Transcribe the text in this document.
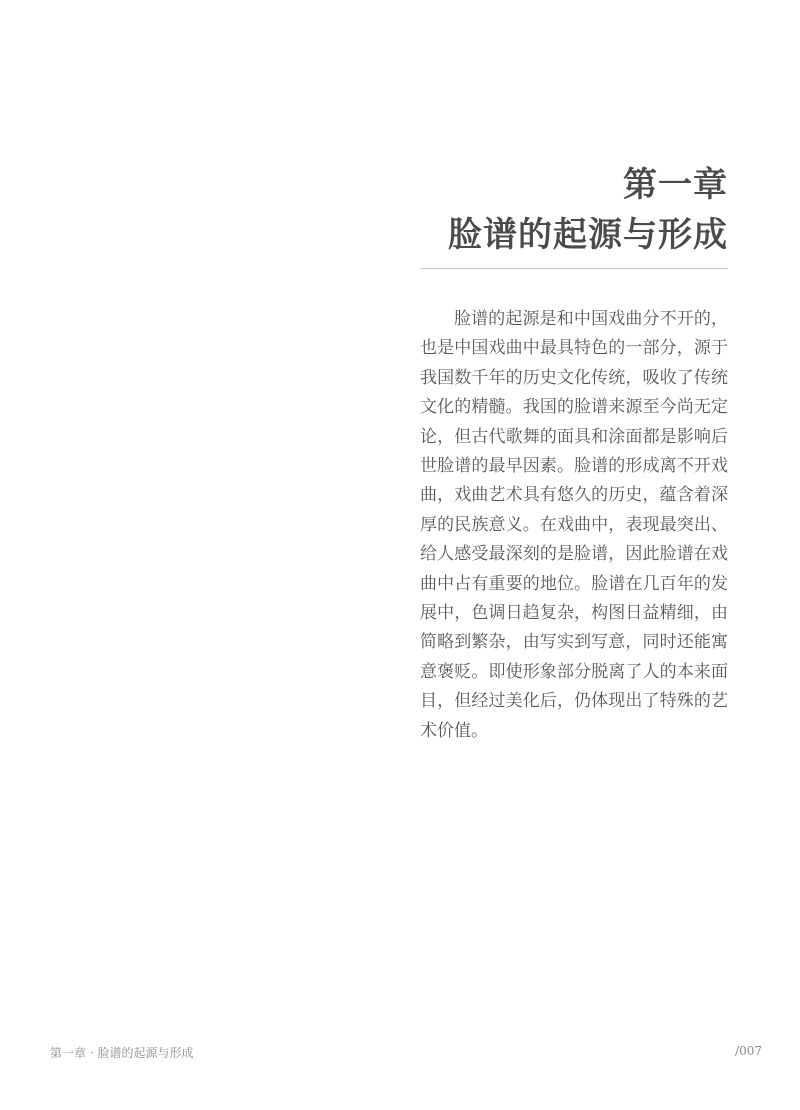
第一章
脸谱的起源与形成

脸谱的起源是和中国戏曲分不开的，也是中国戏曲中最具特色的一部分，源于我国数千年的历史文化传统，吸收了传统文化的精髓。我国的脸谱来源至今尚无定论，但古代歌舞的面具和涂面都是影响后世脸谱的最早因素。脸谱的形成离不开戏曲，戏曲艺术具有悠久的历史，蕴含着深厚的民族意义。在戏曲中，表现最突出、给人感受最深刻的是脸谱，因此脸谱在戏曲中占有重要的地位。脸谱在几百年的发展中，色调日趋复杂，构图日益精细，由简略到繁杂，由写实到写意，同时还能寓意褒贬。即使形象部分脱离了人的本来面目，但经过美化后，仍体现出了特殊的艺术价值。

第一章 · 脸谱的起源与形成	/007
